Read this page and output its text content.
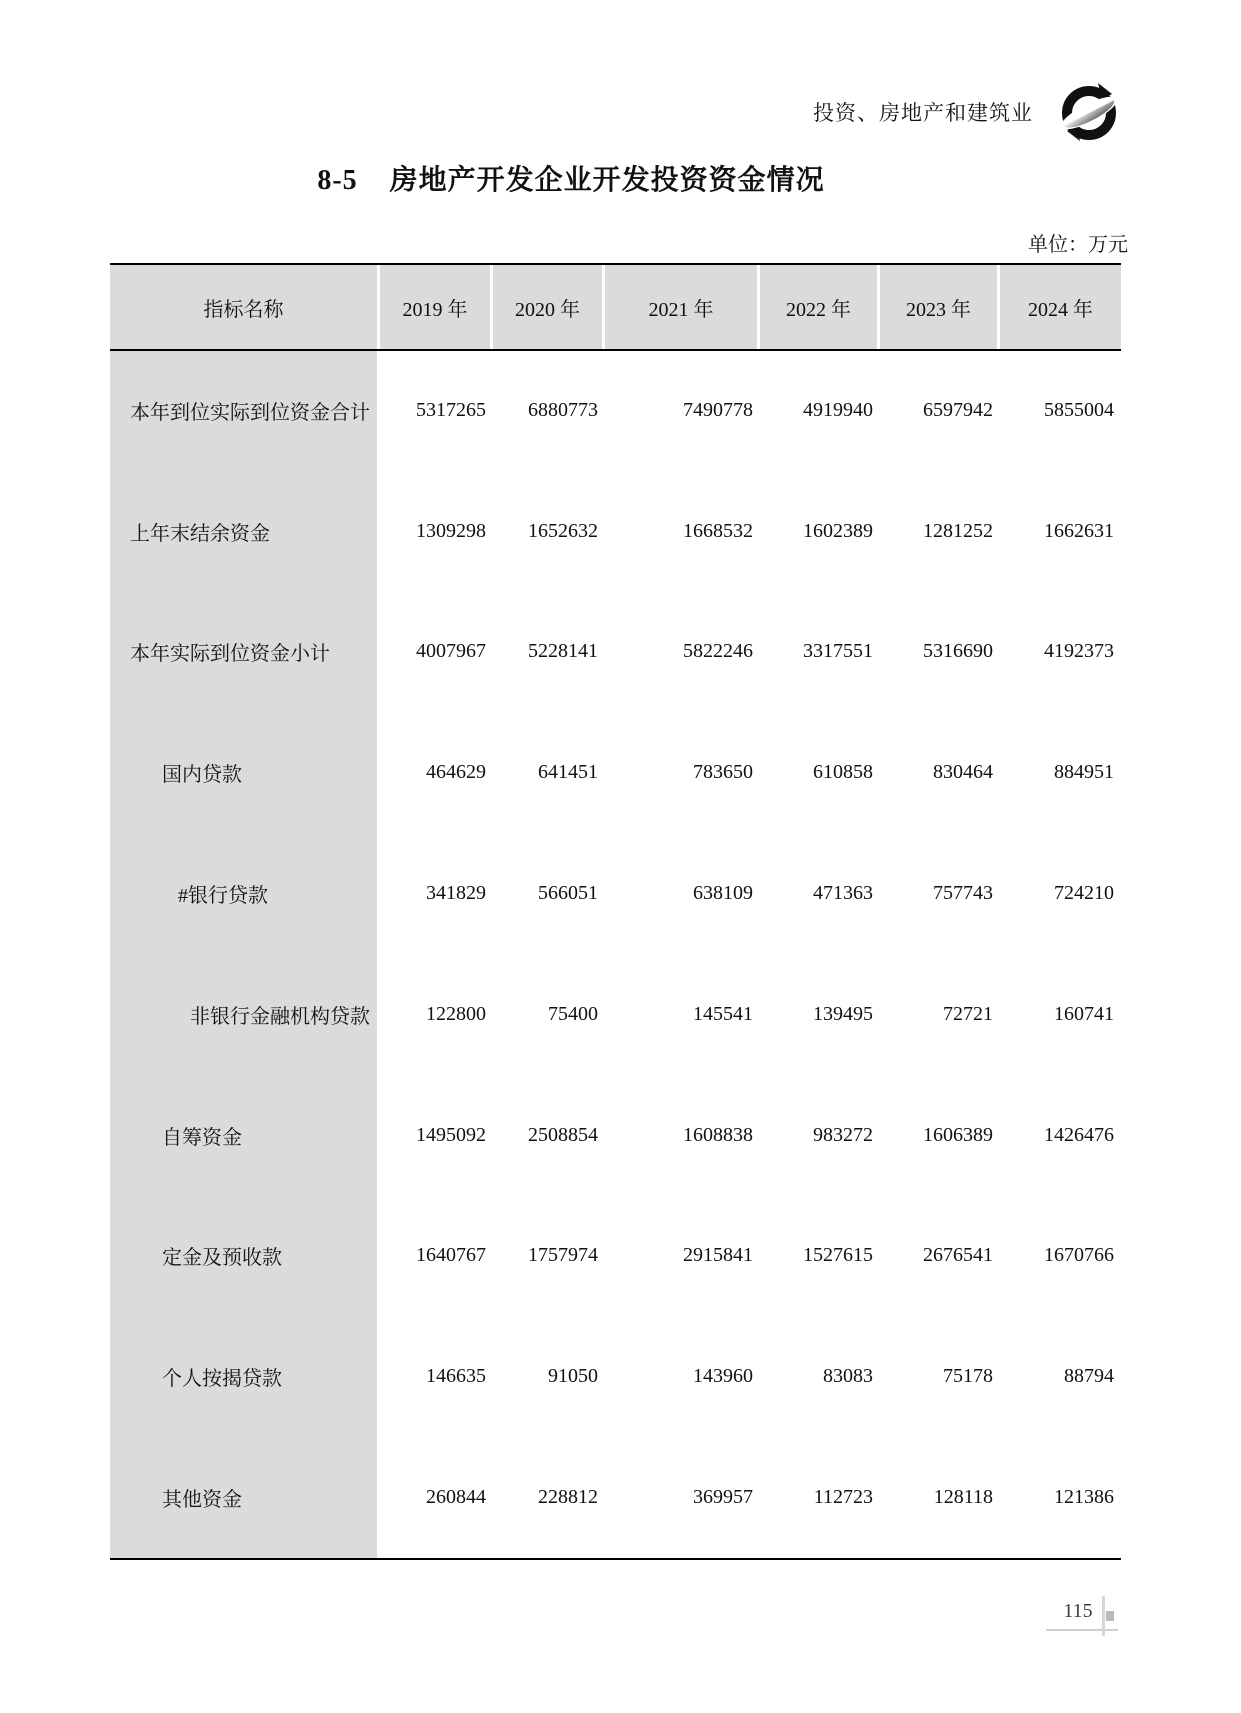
投资、房地产和建筑业
8-5 房地产开发企业开发投资资金情况
单位：万元
指标名称	2019 年	2020 年	2021 年	2022 年	2023 年	2024 年
本年到位实际到位资金合计	5317265	6880773	7490778	4919940	6597942	5855004
上年末结余资金	1309298	1652632	1668532	1602389	1281252	1662631
本年实际到位资金小计	4007967	5228141	5822246	3317551	5316690	4192373
国内贷款	464629	641451	783650	610858	830464	884951
#银行贷款	341829	566051	638109	471363	757743	724210
非银行金融机构贷款	122800	75400	145541	139495	72721	160741
自筹资金	1495092	2508854	1608838	983272	1606389	1426476
定金及预收款	1640767	1757974	2915841	1527615	2676541	1670766
个人按揭贷款	146635	91050	143960	83083	75178	88794
其他资金	260844	228812	369957	112723	128118	121386
115
